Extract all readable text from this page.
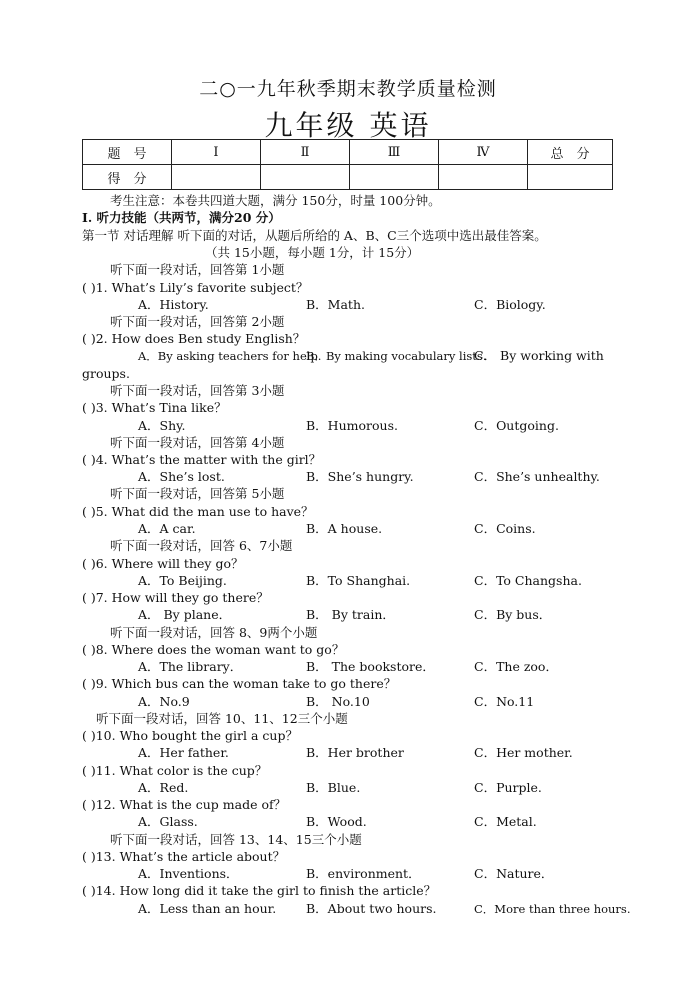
二○一九年秋季期末教学质量检测
九年级 英语
题　号	Ⅰ	Ⅱ	Ⅲ	Ⅳ	总　分
得　分					
考生注意：本卷共四道大题，满分 150分，时量 100分钟。
I. 听力技能（共两节，满分20 分）
第一节 对话理解 听下面的对话，从题后所给的 A、B、C三个选项中选出最佳答案。
（共 15小题，每小题 1分，计 15分）
听下面一段对话，回答第 1小题
( )1. What’s Lily’s favorite subject？
A．History.	B．Math.	C．Biology.
听下面一段对话，回答第 2小题
( )2. How does Ben study English？
A．By asking teachers for help.
B．By making vocabulary lists.
C． By working with
groups.
听下面一段对话，回答第 3小题
( )3. What’s Tina like？
A．Shy.	B．Humorous.	C．Outgoing.
听下面一段对话，回答第 4小题
( )4. What’s the matter with the girl？
A．She’s lost.	B．She’s hungry.	C．She’s unhealthy.
听下面一段对话，回答第 5小题
( )5. What did the man use to have？
A．A car.	B．A house.	C．Coins.
听下面一段对话，回答 6、7小题
( )6. Where will they go？
A．To Beijing.	B．To Shanghai.	C．To Changsha.
( )7. How will they go there？
A． By plane．	B． By train．	C．By bus．
听下面一段对话，回答 8、9两个小题
( )8. Where does the woman want to go？
A．The library．	B． The bookstore．	C．The zoo．
( )9. Which bus can the woman take to go there？
A．No.9	B． No.10	C．No.11
听下面一段对话，回答 10、11、12三个小题
( )10. Who bought the girl a cup？
A．Her father.	B．Her brother	C．Her mother.
( )11. What color is the cup？
A．Red.	B．Blue.	C．Purple.
( )12. What is the cup made of？
A．Glass.	B．Wood.	C．Metal.
听下面一段对话，回答 13、14、15三个小题
( )13. What’s the article about？
A．Inventions．	B．environment．	C．Nature．
( )14. How long did it take the girl to finish the article？
A．Less than an hour. B．About two hours.	C．More than three hours.
